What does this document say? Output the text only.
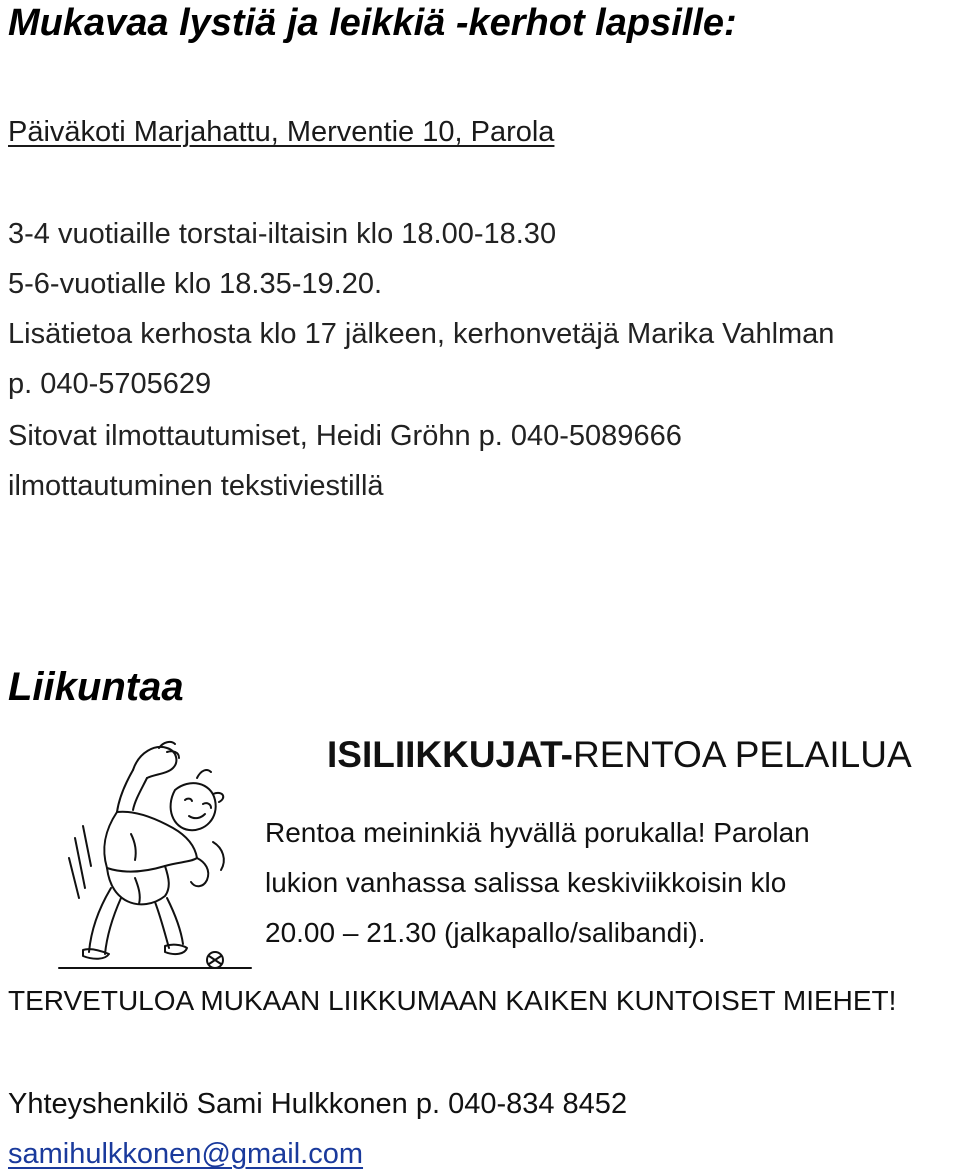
Mukavaa lystiä ja leikkiä -kerhot lapsille:
Päiväkoti Marjahattu, Merventie 10, Parola
3-4 vuotiaille torstai-iltaisin klo 18.00-18.30
5-6-vuotialle klo 18.35-19.20.
Lisätietoa kerhosta klo 17 jälkeen, kerhonvetäjä Marika Vahlman
p. 040-5705629
Sitovat ilmottautumiset, Heidi Gröhn p. 040-5089666
ilmottautuminen tekstiviestillä
Liikuntaa
ISILIIKKUJAT-RENTOA PELAILUA
Rentoa meininkiä hyvällä porukalla! Parolan
lukion vanhassa salissa keskiviikkoisin klo
20.00 – 21.30 (jalkapallo/salibandi).
TERVETULOA MUKAAN LIIKKUMAAN KAIKEN KUNTOISET MIEHET!
Yhteyshenkilö Sami Hulkkonen p. 040-834 8452
samihulkkonen@gmail.com
